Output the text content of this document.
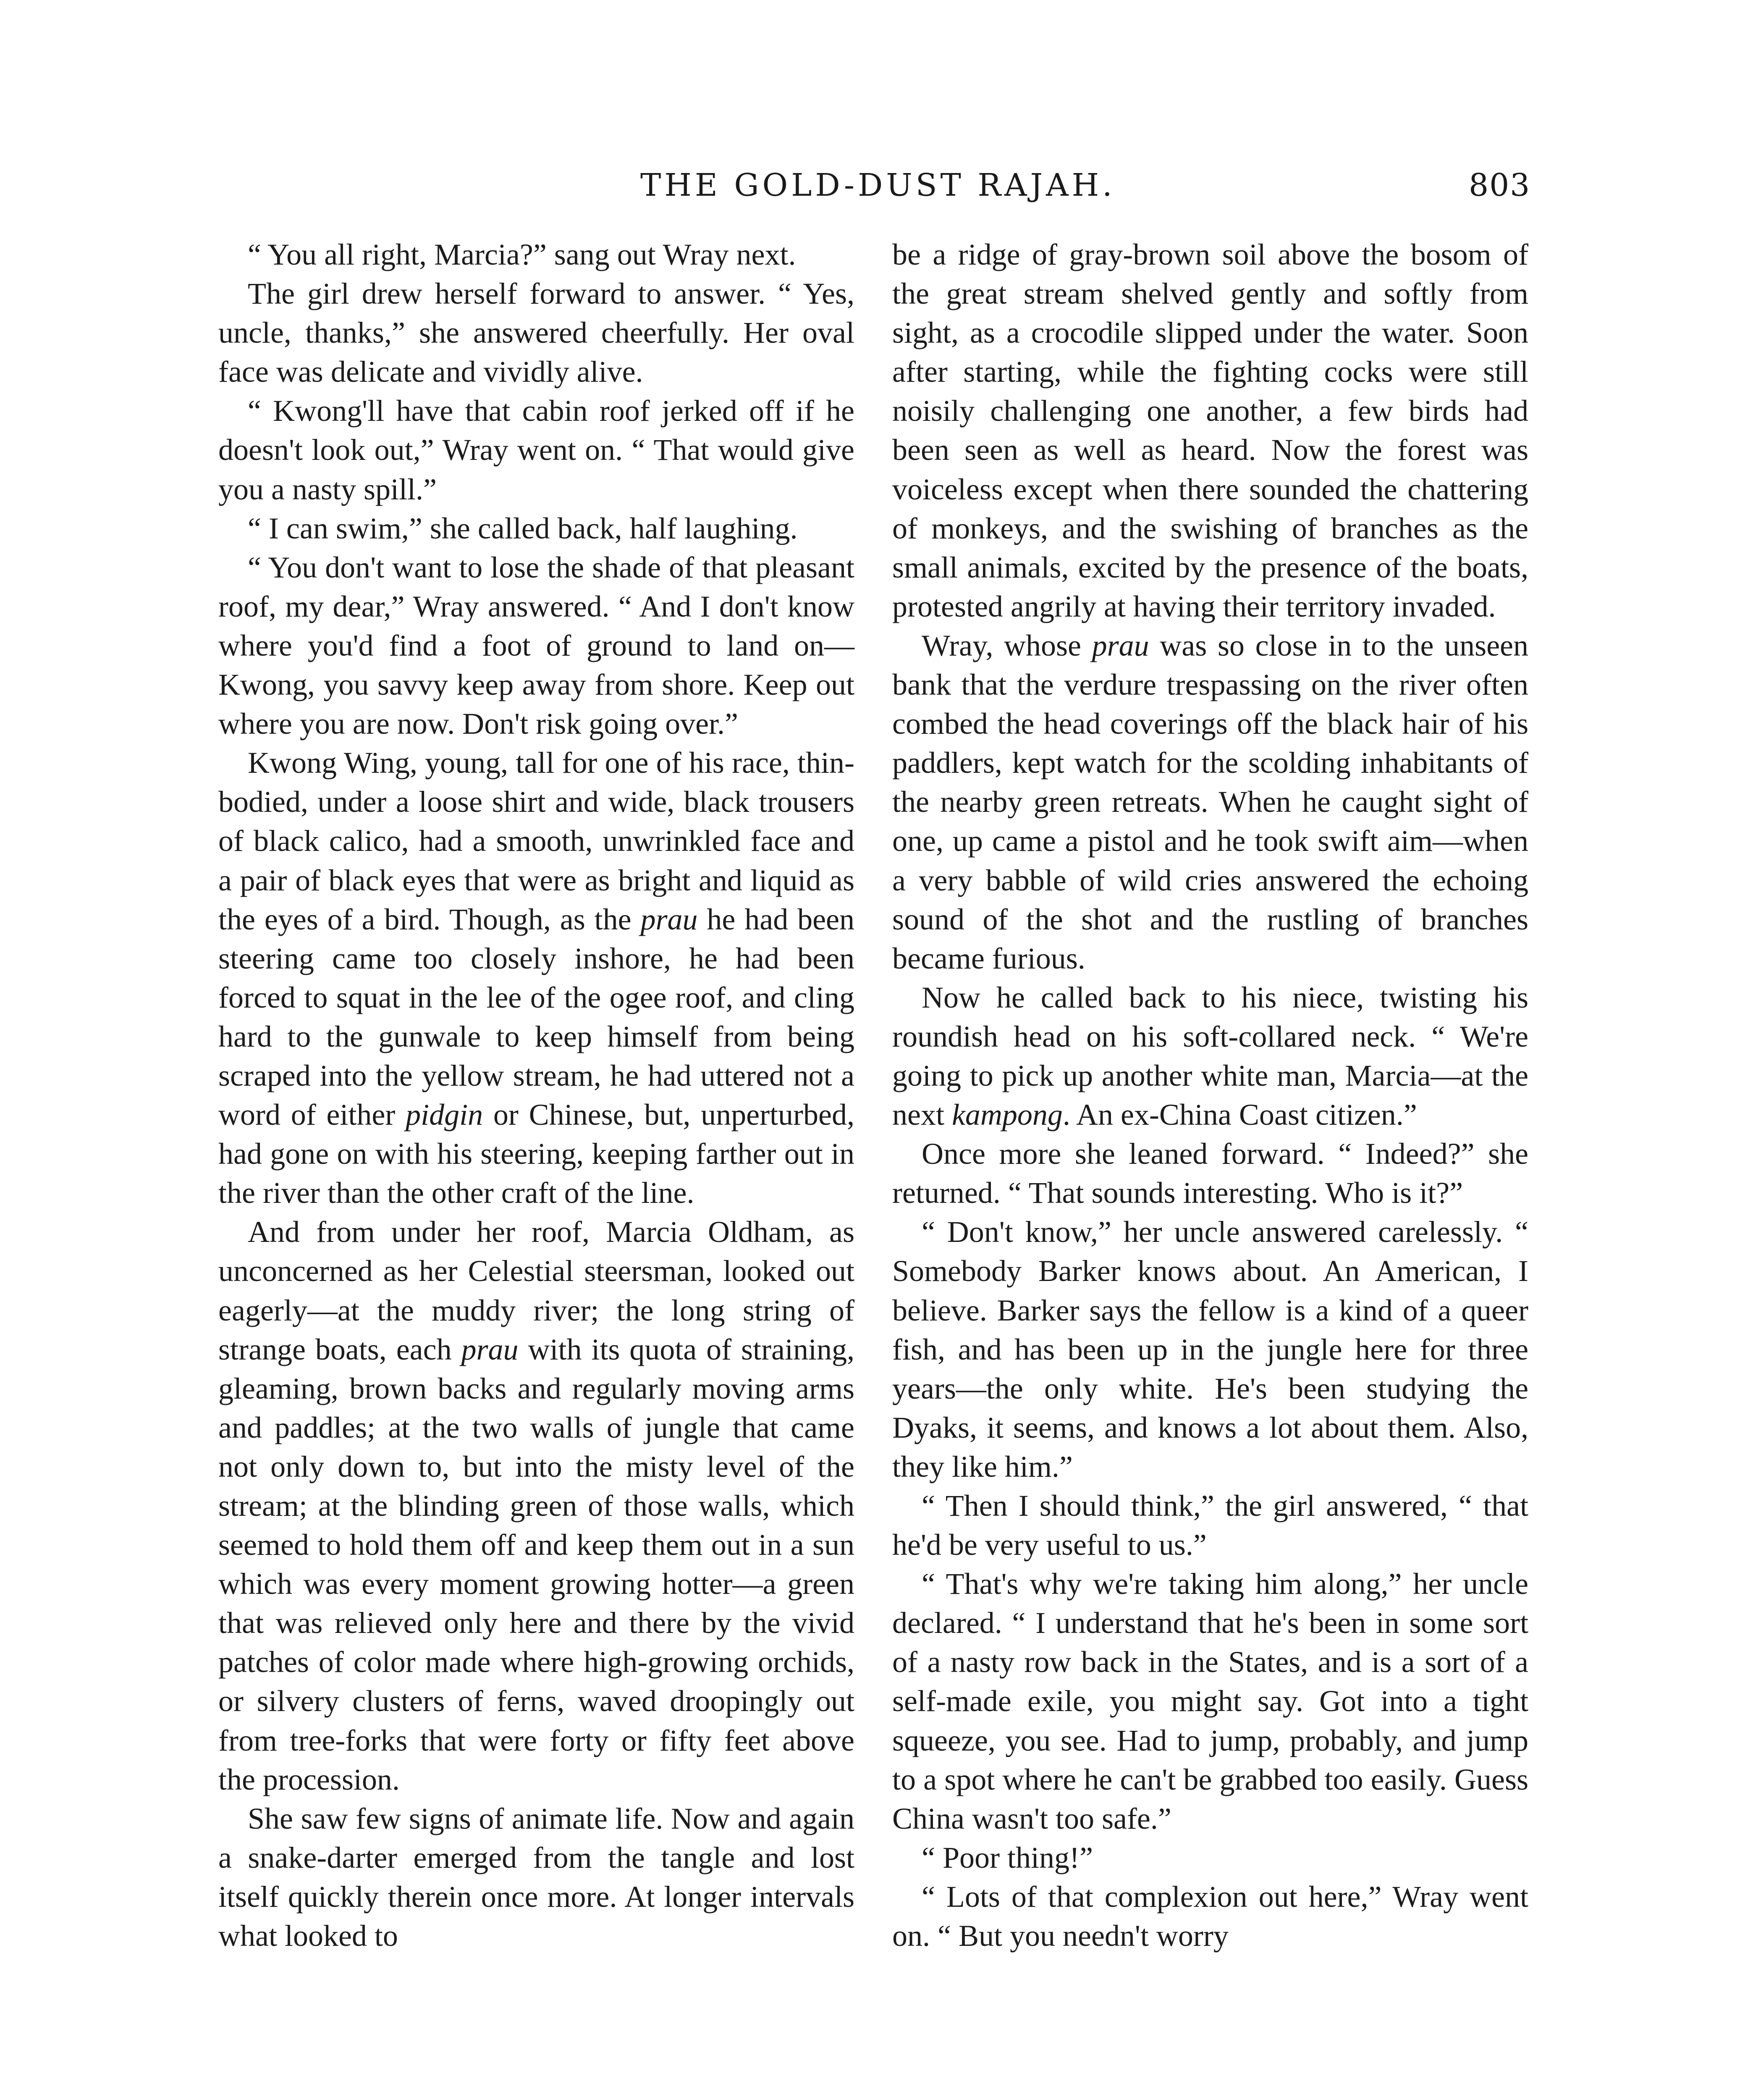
THE GOLD-DUST RAJAH.	803

“ You all right, Marcia?” sang out Wray next.

The girl drew herself forward to answer. “ Yes, uncle, thanks,” she answered cheerfully. Her oval face was delicate and vividly alive.

“ Kwong'll have that cabin roof jerked off if he doesn't look out,” Wray went on. “ That would give you a nasty spill.”

“ I can swim,” she called back, half laughing.

“ You don't want to lose the shade of that pleasant roof, my dear,” Wray answered. “ And I don't know where you'd find a foot of ground to land on—Kwong, you savvy keep away from shore. Keep out where you are now. Don't risk going over.”

Kwong Wing, young, tall for one of his race, thin-bodied, under a loose shirt and wide, black trousers of black calico, had a smooth, unwrinkled face and a pair of black eyes that were as bright and liquid as the eyes of a bird. Though, as the prau he had been steering came too closely inshore, he had been forced to squat in the lee of the ogee roof, and cling hard to the gunwale to keep himself from being scraped into the yellow stream, he had uttered not a word of either pidgin or Chinese, but, unperturbed, had gone on with his steering, keeping farther out in the river than the other craft of the line.

And from under her roof, Marcia Oldham, as unconcerned as her Celestial steersman, looked out eagerly—at the muddy river; the long string of strange boats, each prau with its quota of straining, gleaming, brown backs and regularly moving arms and paddles; at the two walls of jungle that came not only down to, but into the misty level of the stream; at the blinding green of those walls, which seemed to hold them off and keep them out in a sun which was every moment growing hotter—a green that was relieved only here and there by the vivid patches of color made where high-growing orchids, or silvery clusters of ferns, waved droopingly out from tree-forks that were forty or fifty feet above the procession.

She saw few signs of animate life. Now and again a snake-darter emerged from the tangle and lost itself quickly therein once more. At longer intervals what looked to

be a ridge of gray-brown soil above the bosom of the great stream shelved gently and softly from sight, as a crocodile slipped under the water. Soon after starting, while the fighting cocks were still noisily challenging one another, a few birds had been seen as well as heard. Now the forest was voiceless except when there sounded the chattering of monkeys, and the swishing of branches as the small animals, excited by the presence of the boats, protested angrily at having their territory invaded.

Wray, whose prau was so close in to the unseen bank that the verdure trespassing on the river often combed the head coverings off the black hair of his paddlers, kept watch for the scolding inhabitants of the nearby green retreats. When he caught sight of one, up came a pistol and he took swift aim—when a very babble of wild cries answered the echoing sound of the shot and the rustling of branches became furious.

Now he called back to his niece, twisting his roundish head on his soft-collared neck. “ We're going to pick up another white man, Marcia—at the next kampong. An ex-China Coast citizen.”

Once more she leaned forward. “ Indeed?” she returned. “ That sounds interesting. Who is it?”

“ Don't know,” her uncle answered carelessly. “ Somebody Barker knows about. An American, I believe. Barker says the fellow is a kind of a queer fish, and has been up in the jungle here for three years—the only white. He's been studying the Dyaks, it seems, and knows a lot about them. Also, they like him.”

“ Then I should think,” the girl answered, “ that he'd be very useful to us.”

“ That's why we're taking him along,” her uncle declared. “ I understand that he's been in some sort of a nasty row back in the States, and is a sort of a self-made exile, you might say. Got into a tight squeeze, you see. Had to jump, probably, and jump to a spot where he can't be grabbed too easily. Guess China wasn't too safe.”

“ Poor thing!”

“ Lots of that complexion out here,” Wray went on. “ But you needn't worry
